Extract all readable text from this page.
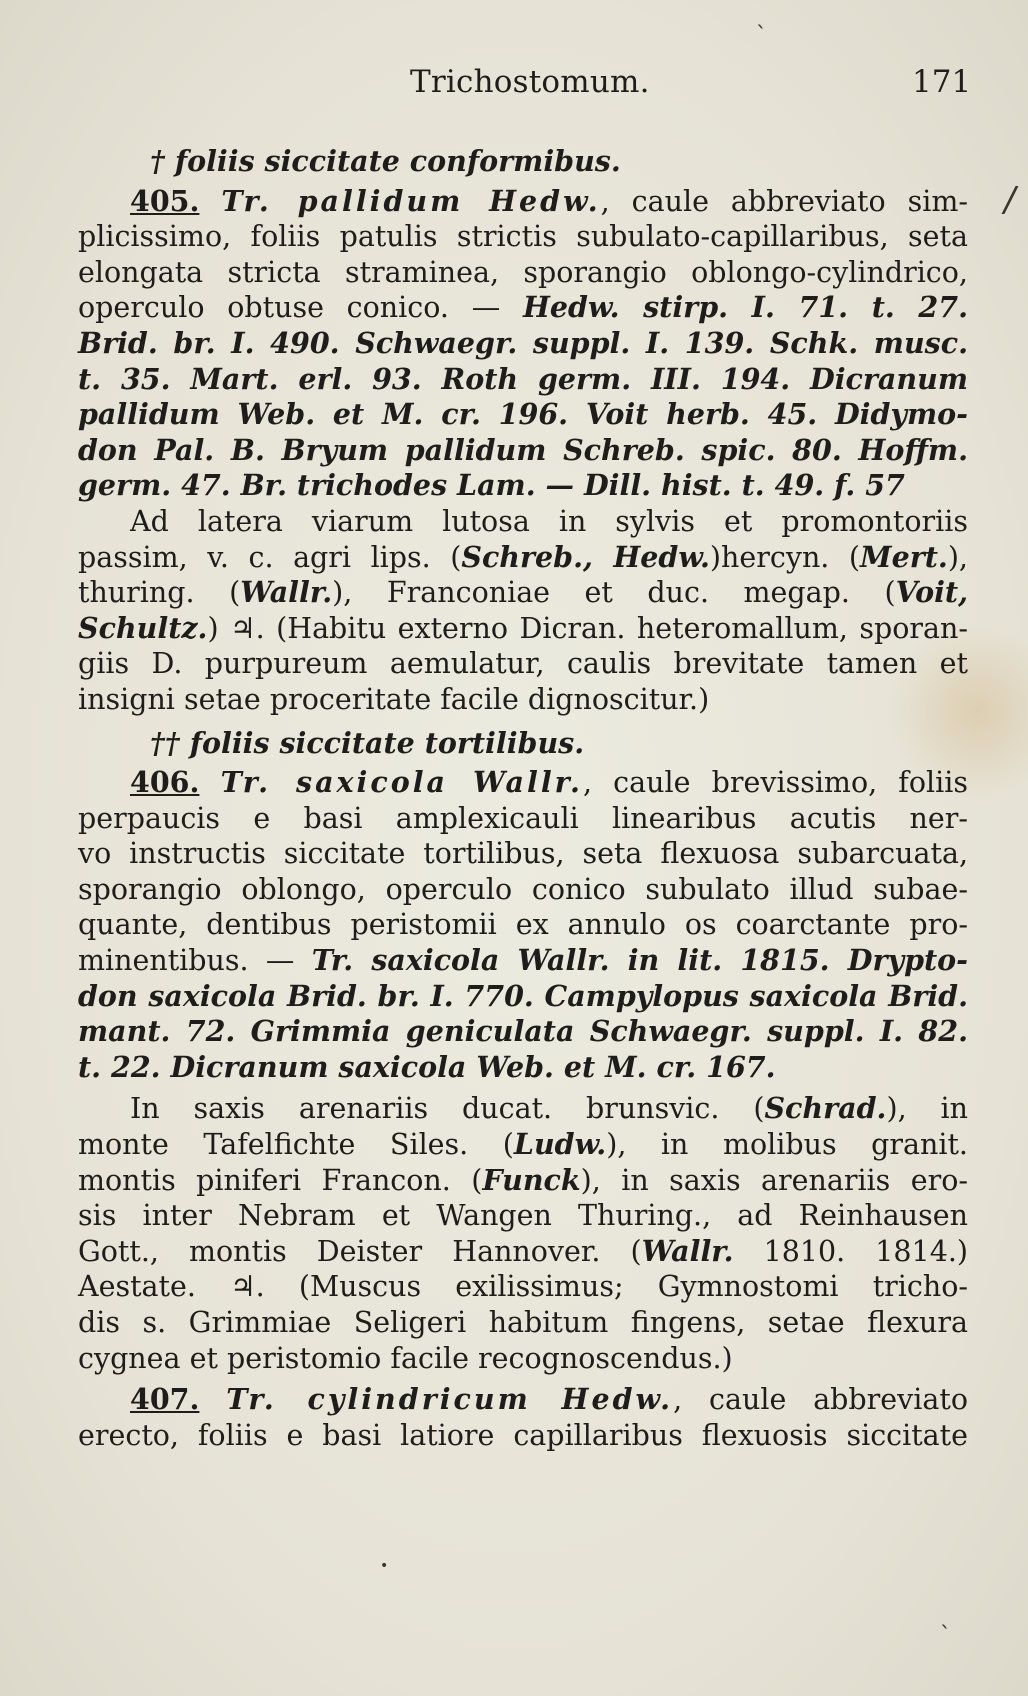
Trichostomum.	171
ˎ
/
† foliis siccitate conformibus.
405. Tr. pallidum Hedw., caule abbreviato sim-
plicissimo, foliis patulis strictis subulato-capillaribus, seta
elongata stricta straminea, sporangio oblongo-cylindrico,
operculo obtuse conico. — Hedw. stirp. I. 71. t. 27.
Brid. br. I. 490. Schwaegr. suppl. I. 139. Schk. musc.
t. 35. Mart. erl. 93. Roth germ. III. 194. Dicranum
pallidum Web. et M. cr. 196. Voit herb. 45. Didymo-
don Pal. B. Bryum pallidum Schreb. spic. 80. Hoffm.
germ. 47. Br. trichodes Lam. — Dill. hist. t. 49. f. 57
Ad latera viarum lutosa in sylvis et promontoriis
passim, v. c. agri lips. (Schreb., Hedw.)hercyn. (Mert.),
thuring. (Wallr.), Franconiae et duc. megap. (Voit,
Schultz.) ♃. (Habitu externo Dicran. heteromallum, sporan-
giis D. purpureum aemulatur, caulis brevitate tamen et
insigni setae proceritate facile dignoscitur.)
†† foliis siccitate tortilibus.
406. Tr. saxicola Wallr., caule brevissimo, foliis
perpaucis e basi amplexicauli linearibus acutis ner-
vo instructis siccitate tortilibus, seta flexuosa subarcuata,
sporangio oblongo, operculo conico subulato illud subae-
quante, dentibus peristomii ex annulo os coarctante pro-
minentibus. — Tr. saxicola Wallr. in lit. 1815. Drypto-
don saxicola Brid. br. I. 770. Campylopus saxicola Brid.
mant. 72. Grimmia geniculata Schwaegr. suppl. I. 82.
t. 22. Dicranum saxicola Web. et M. cr. 167.
In saxis arenariis ducat. brunsvic. (Schrad.), in
monte Tafelfichte Siles. (Ludw.), in molibus granit.
montis piniferi Francon. (Funck), in saxis arenariis ero-
sis inter Nebram et Wangen Thuring., ad Reinhausen
Gott., montis Deister Hannover. (Wallr. 1810. 1814.)
Aestate. ♃. (Muscus exilissimus; Gymnostomi tricho-
dis s. Grimmiae Seligeri habitum fingens, setae flexura
cygnea et peristomio facile recognoscendus.)
407. Tr. cylindricum Hedw., caule abbreviato
erecto, foliis e basi latiore capillaribus flexuosis siccitate
•
ˎ
